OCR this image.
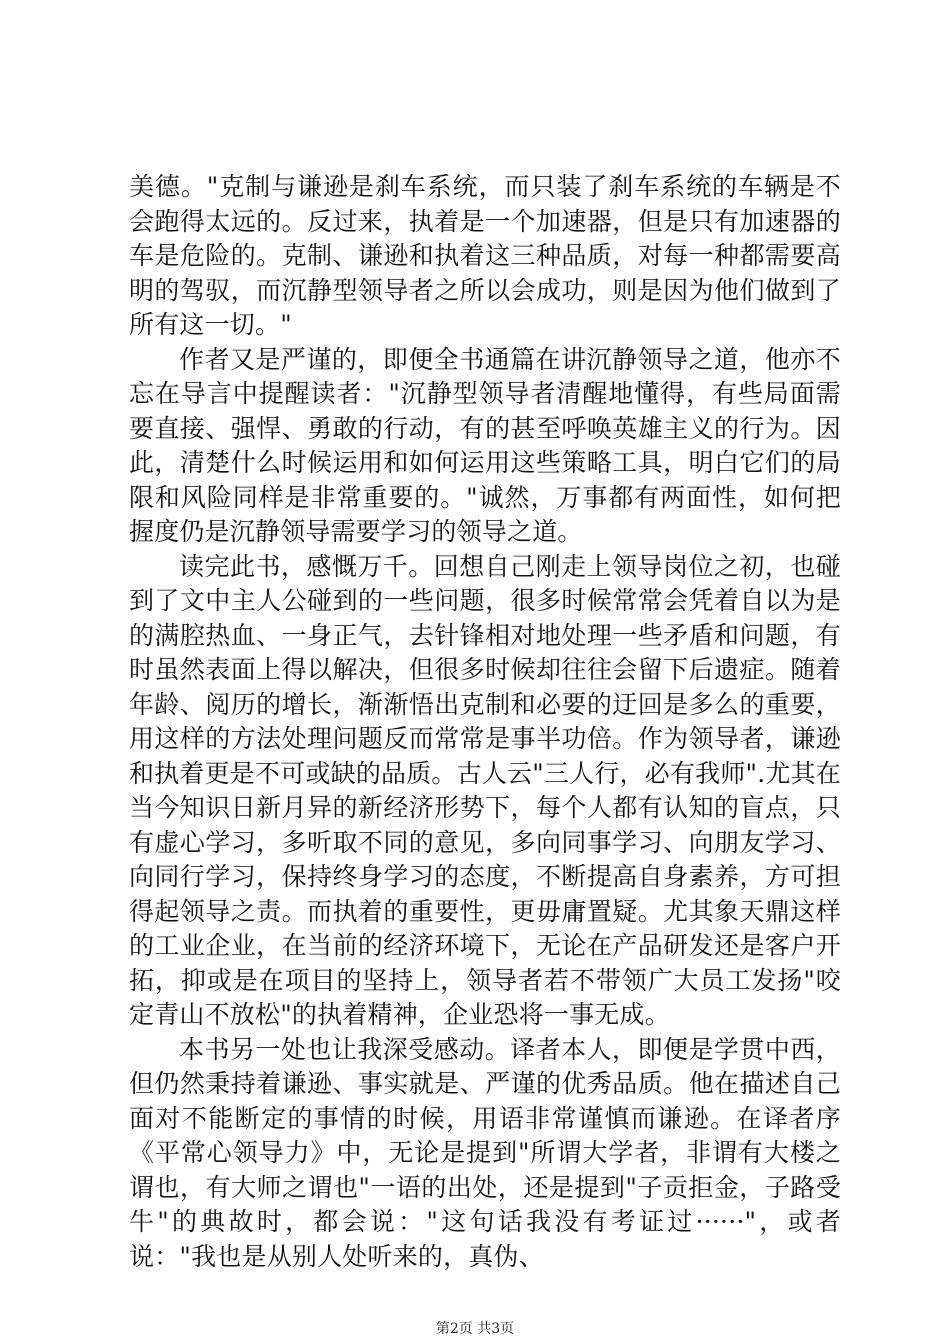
美德。"克制与谦逊是刹车系统，而只装了刹车系统的车辆是不会跑得太远的。反过来，执着是一个加速器，但是只有加速器的车是危险的。克制、谦逊和执着这三种品质，对每一种都需要高明的驾驭，而沉静型领导者之所以会成功，则是因为他们做到了所有这一切。"

作者又是严谨的，即便全书通篇在讲沉静领导之道，他亦不忘在导言中提醒读者："沉静型领导者清醒地懂得，有些局面需要直接、强悍、勇敢的行动，有的甚至呼唤英雄主义的行为。因此，清楚什么时候运用和如何运用这些策略工具，明白它们的局限和风险同样是非常重要的。"诚然，万事都有两面性，如何把握度仍是沉静领导需要学习的领导之道。

读完此书，感慨万千。回想自己刚走上领导岗位之初，也碰到了文中主人公碰到的一些问题，很多时候常常会凭着自以为是的满腔热血、一身正气，去针锋相对地处理一些矛盾和问题，有时虽然表面上得以解决，但很多时候却往往会留下后遗症。随着年龄、阅历的增长，渐渐悟出克制和必要的迂回是多么的重要，用这样的方法处理问题反而常常是事半功倍。作为领导者，谦逊和执着更是不可或缺的品质。古人云"三人行，必有我师".尤其在当今知识日新月异的新经济形势下，每个人都有认知的盲点，只有虚心学习，多听取不同的意见，多向同事学习、向朋友学习、向同行学习，保持终身学习的态度，不断提高自身素养，方可担得起领导之责。而执着的重要性，更毋庸置疑。尤其象天鼎这样的工业企业，在当前的经济环境下，无论在产品研发还是客户开拓，抑或是在项目的坚持上，领导者若不带领广大员工发扬"咬定青山不放松"的执着精神，企业恐将一事无成。

本书另一处也让我深受感动。译者本人，即便是学贯中西，但仍然秉持着谦逊、事实就是、严谨的优秀品质。他在描述自己面对不能断定的事情的时候，用语非常谨慎而谦逊。在译者序《平常心领导力》中，无论是提到"所谓大学者，非谓有大楼之谓也，有大师之谓也"一语的出处，还是提到"子贡拒金，子路受牛"的典故时，都会说："这句话我没有考证过······"，或者说："我也是从别人处听来的，真伪、

第2页 共3页
